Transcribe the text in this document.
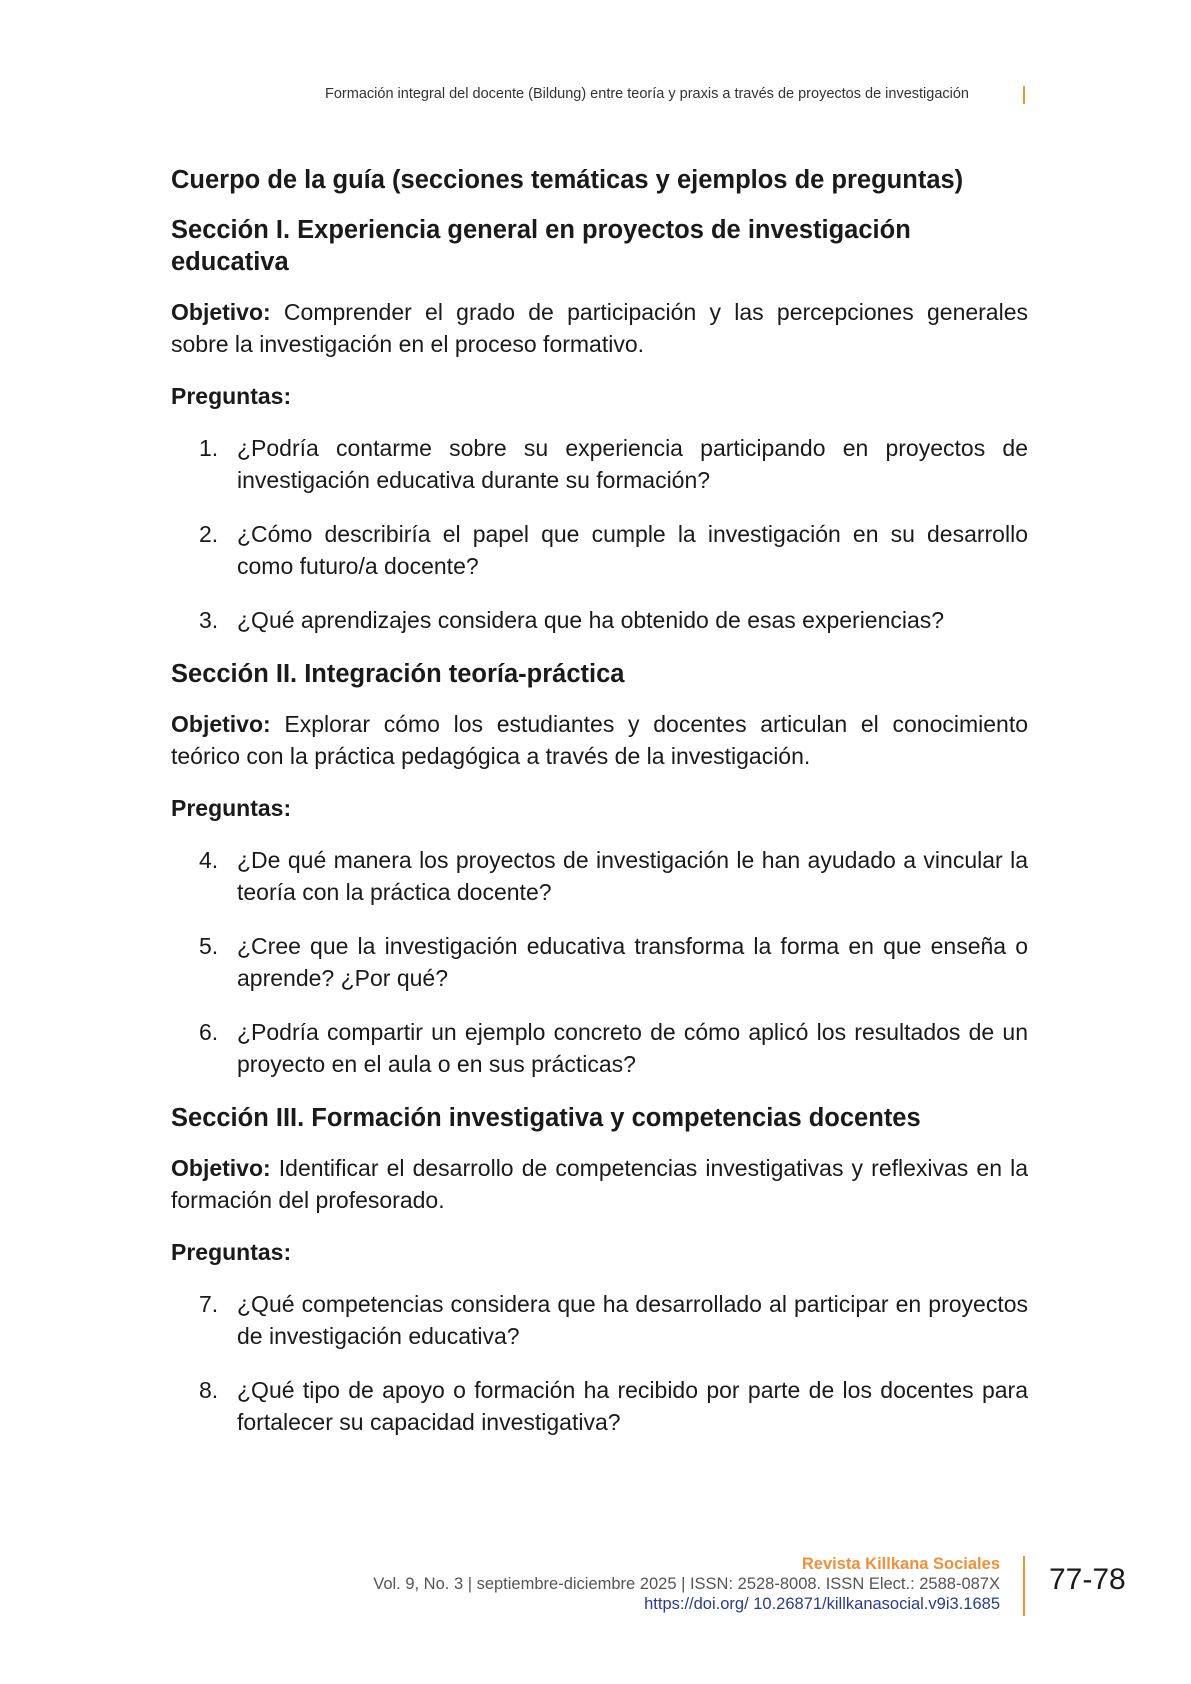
Formación integral del docente (Bildung) entre teoría y praxis a través de proyectos de investigación
Cuerpo de la guía (secciones temáticas y ejemplos de preguntas)
Sección I. Experiencia general en proyectos de investigación educativa

Objetivo: Comprender el grado de participación y las percepciones generales sobre la investigación en el proceso formativo.

Preguntas:
1. ¿Podría contarme sobre su experiencia participando en proyectos de investigación educativa durante su formación?
2. ¿Cómo describiría el papel que cumple la investigación en su desarrollo como futuro/a docente?
3. ¿Qué aprendizajes considera que ha obtenido de esas experiencias?
Sección II. Integración teoría-práctica

Objetivo: Explorar cómo los estudiantes y docentes articulan el conocimiento teórico con la práctica pedagógica a través de la investigación.

Preguntas:
4. ¿De qué manera los proyectos de investigación le han ayudado a vincular la teoría con la práctica docente?
5. ¿Cree que la investigación educativa transforma la forma en que enseña o aprende? ¿Por qué?
6. ¿Podría compartir un ejemplo concreto de cómo aplicó los resultados de un proyecto en el aula o en sus prácticas?
Sección III. Formación investigativa y competencias docentes

Objetivo: Identificar el desarrollo de competencias investigativas y reflexivas en la formación del profesorado.

Preguntas:
7. ¿Qué competencias considera que ha desarrollado al participar en proyectos de investigación educativa?
8. ¿Qué tipo de apoyo o formación ha recibido por parte de los docentes para fortalecer su capacidad investigativa?
Revista Killkana Sociales
Vol. 9, No. 3 | septiembre-diciembre 2025 | ISSN: 2528-8008. ISSN Elect.: 2588-087X
https://doi.org/ 10.26871/killkanasocial.v9i3.1685
77-78
